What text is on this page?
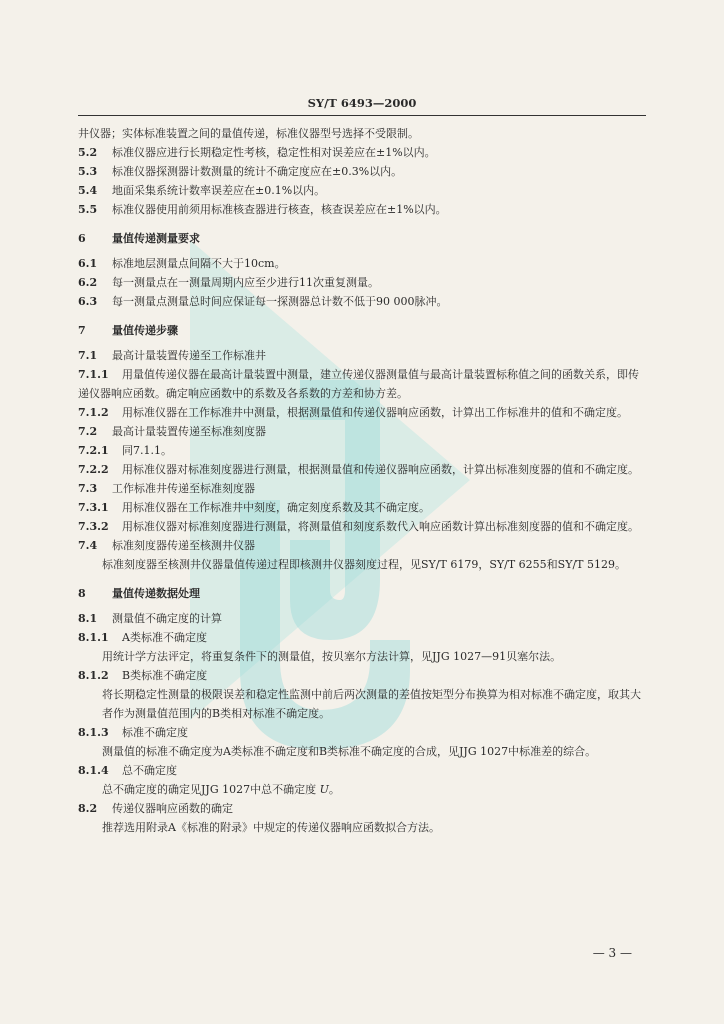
SY/T 6493—2000
井仪器；实体标准装置之间的量值传递，标准仪器型号选择不受限制。
5.2 标准仪器应进行长期稳定性考核，稳定性相对误差应在±1%以内。
5.3 标准仪器探测器计数测量的统计不确定度应在±0.3%以内。
5.4 地面采集系统计数率误差应在±0.1%以内。
5.5 标准仪器使用前须用标准核查器进行核查，核查误差应在±1%以内。
6 量值传递测量要求
6.1 标准地层测量点间隔不大于10cm。
6.2 每一测量点在一测量周期内应至少进行11次重复测量。
6.3 每一测量点测量总时间应保证每一探测器总计数不低于90 000脉冲。
7 量值传递步骤
7.1 最高计量装置传递至工作标准井
7.1.1 用量值传递仪器在最高计量装置中测量，建立传递仪器测量值与最高计量装置标称值之间的函数关系，即传递仪器响应函数。确定响应函数中的系数及各系数的方差和协方差。
7.1.2 用标准仪器在工作标准井中测量，根据测量值和传递仪器响应函数，计算出工作标准井的值和不确定度。
7.2 最高计量装置传递至标准刻度器
7.2.1 同7.1.1。
7.2.2 用标准仪器对标准刻度器进行测量，根据测量值和传递仪器响应函数，计算出标准刻度器的值和不确定度。
7.3 工作标准井传递至标准刻度器
7.3.1 用标准仪器在工作标准井中刻度，确定刻度系数及其不确定度。
7.3.2 用标准仪器对标准刻度器进行测量，将测量值和刻度系数代入响应函数计算出标准刻度器的值和不确定度。
7.4 标准刻度器传递至核测井仪器
标准刻度器至核测井仪器量值传递过程即核测井仪器刻度过程，见SY/T 6179，SY/T 6255和SY/T 5129。
8 量值传递数据处理
8.1 测量值不确定度的计算
8.1.1 A类标准不确定度
用统计学方法评定，将重复条件下的测量值，按贝塞尔方法计算，见JJG 1027—91贝塞尔法。
8.1.2 B类标准不确定度
将长期稳定性测量的极限误差和稳定性监测中前后两次测量的差值按矩型分布换算为相对标准不确定度，取其大者作为测量值范围内的B类相对标准不确定度。
8.1.3 标准不确定度
测量值的标准不确定度为A类标准不确定度和B类标准不确定度的合成，见JJG 1027中标准差的综合。
8.1.4 总不确定度
总不确定度的确定见JJG 1027中总不确定度 U。
8.2 传递仪器响应函数的确定
推荐选用附录A《标准的附录》中规定的传递仪器响应函数拟合方法。
— 3 —
